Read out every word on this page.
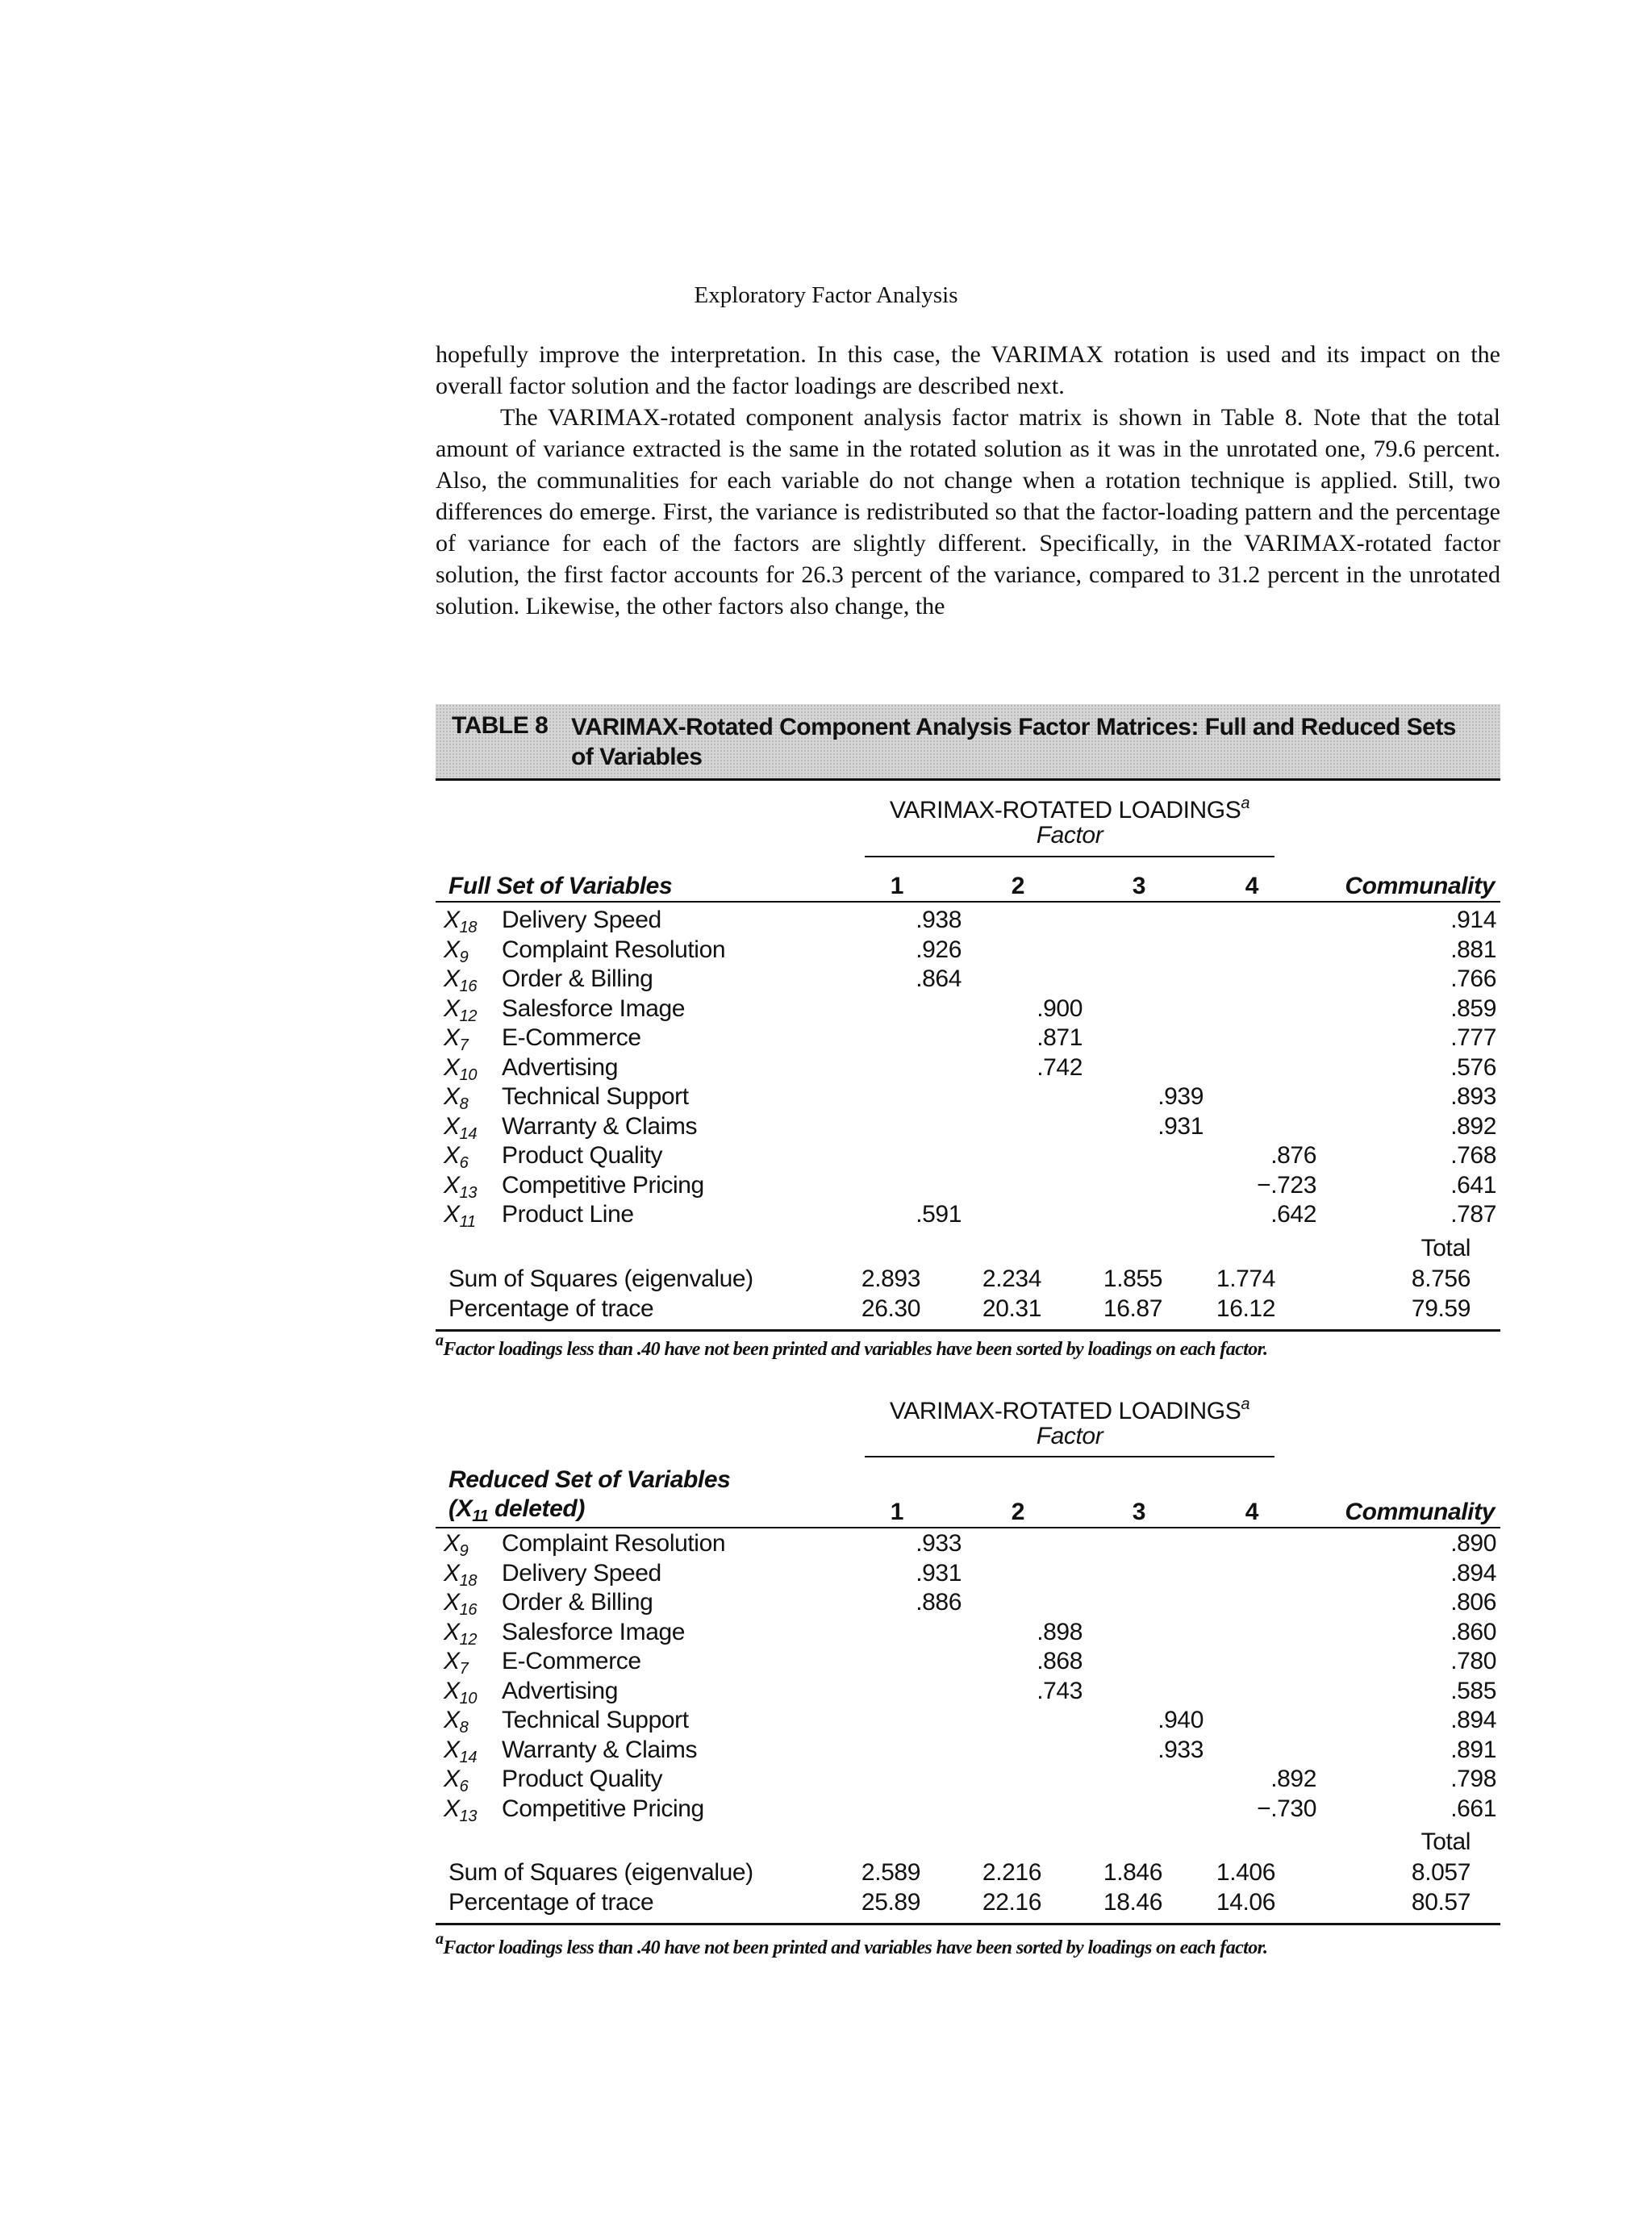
Exploratory Factor Analysis

hopefully improve the interpretation. In this case, the VARIMAX rotation is used and its impact on the overall factor solution and the factor loadings are described next.

The VARIMAX-rotated component analysis factor matrix is shown in Table 8. Note that the total amount of variance extracted is the same in the rotated solution as it was in the unrotated one, 79.6 percent. Also, the communalities for each variable do not change when a rotation technique is applied. Still, two differences do emerge. First, the variance is redistributed so that the factor-loading pattern and the percentage of variance for each of the factors are slightly different. Specifically, in the VARIMAX-rotated factor solution, the first factor accounts for 26.3 percent of the variance, compared to 31.2 percent in the unrotated solution. Likewise, the other factors also change, the

TABLE 8 VARIMAX-Rotated Component Analysis Factor Matrices: Full and Reduced Sets of Variables
VARIMAX-ROTATED LOADINGS$^a$
Factor
Full Set of Variables	1	2	3	4	Communality
$X_{18}$	Delivery Speed	.938				.914
$X_9$	Complaint Resolution	.926				.881
$X_{16}$	Order & Billing	.864				.766
$X_{12}$	Salesforce Image		.900			.859
$X_7$	E-Commerce		.871			.777
$X_{10}$	Advertising		.742			.576
$X_8$	Technical Support			.939		.893
$X_{14}$	Warranty & Claims			.931		.892
$X_6$	Product Quality				.876	.768
$X_{13}$	Competitive Pricing				−.723	.641
$X_{11}$	Product Line	.591			.642	.787
Total
Sum of Squares (eigenvalue)	2.893	2.234	1.855	1.774	8.756
Percentage of trace	26.30	20.31	16.87	16.12	79.59
$^a$Factor loadings less than .40 have not been printed and variables have been sorted by loadings on each factor.
VARIMAX-ROTATED LOADINGS$^a$
Factor
Reduced Set of Variables
($X_{11}$ deleted)	1	2	3	4	Communality
$X_9$	Complaint Resolution	.933				.890
$X_{18}$	Delivery Speed	.931				.894
$X_{16}$	Order & Billing	.886				.806
$X_{12}$	Salesforce Image		.898			.860
$X_7$	E-Commerce		.868			.780
$X_{10}$	Advertising		.743			.585
$X_8$	Technical Support			.940		.894
$X_{14}$	Warranty & Claims			.933		.891
$X_6$	Product Quality				.892	.798
$X_{13}$	Competitive Pricing				−.730	.661
Total
Sum of Squares (eigenvalue)	2.589	2.216	1.846	1.406	8.057
Percentage of trace	25.89	22.16	18.46	14.06	80.57
$^a$Factor loadings less than .40 have not been printed and variables have been sorted by loadings on each factor.
